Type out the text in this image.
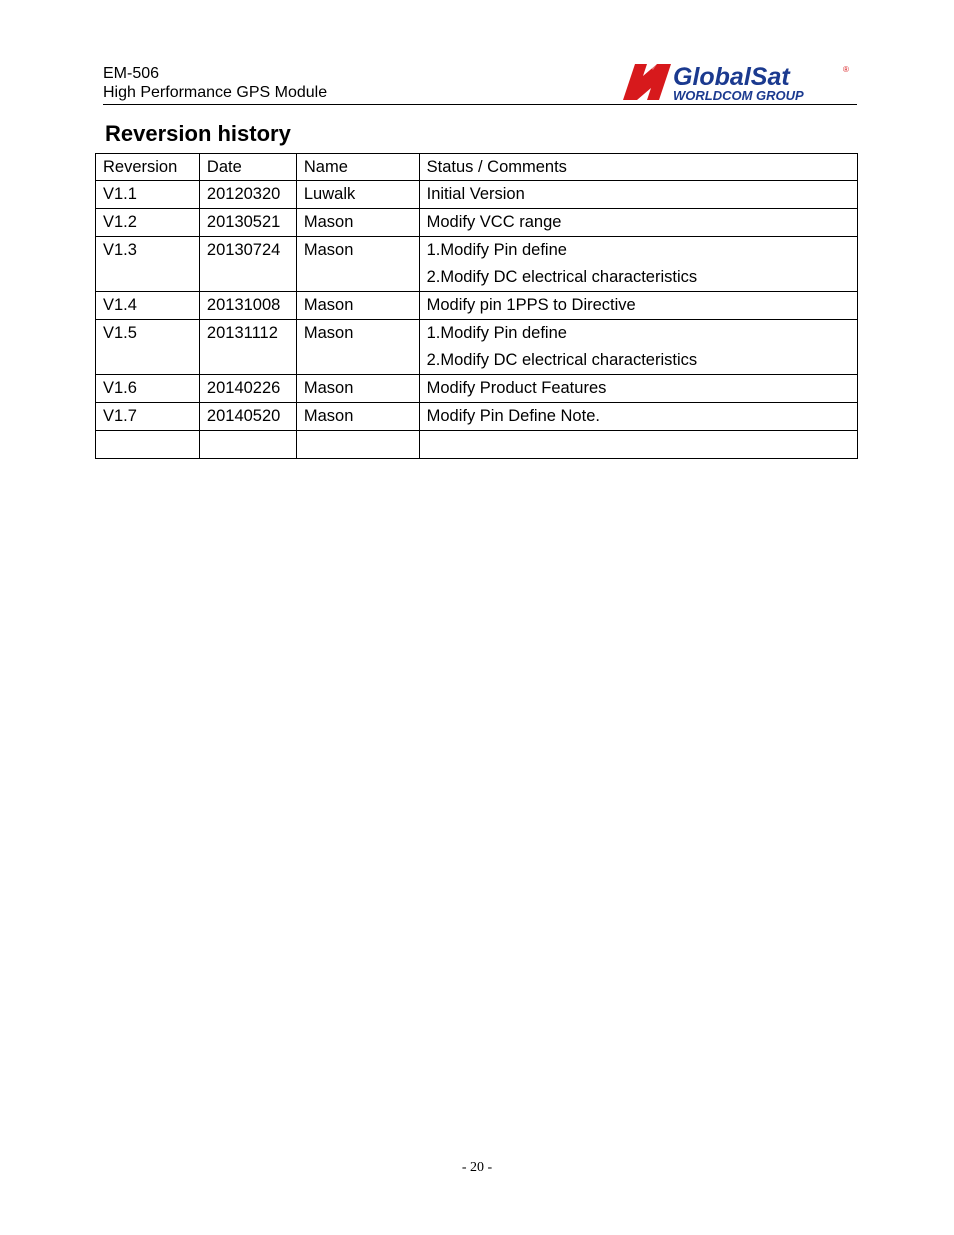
EM-506
High Performance GPS Module
GlobalSat	®
WORLDCOM GROUP
Reversion history
Reversion	Date	Name	Status / Comments
V1.1	20120320	Luwalk	Initial Version

V1.2	20130521	Mason	Modify VCC range

V1.3	20130724	Mason	1.Modify Pin define
2.Modify DC electrical characteristics

V1.4	20131008	Mason	Modify pin 1PPS to Directive

V1.5	20131112	Mason	1.Modify Pin define
2.Modify DC electrical characteristics

V1.6	20140226	Mason	Modify Product Features

V1.7	20140520	Mason	Modify Pin Define Note.

- 20 -
